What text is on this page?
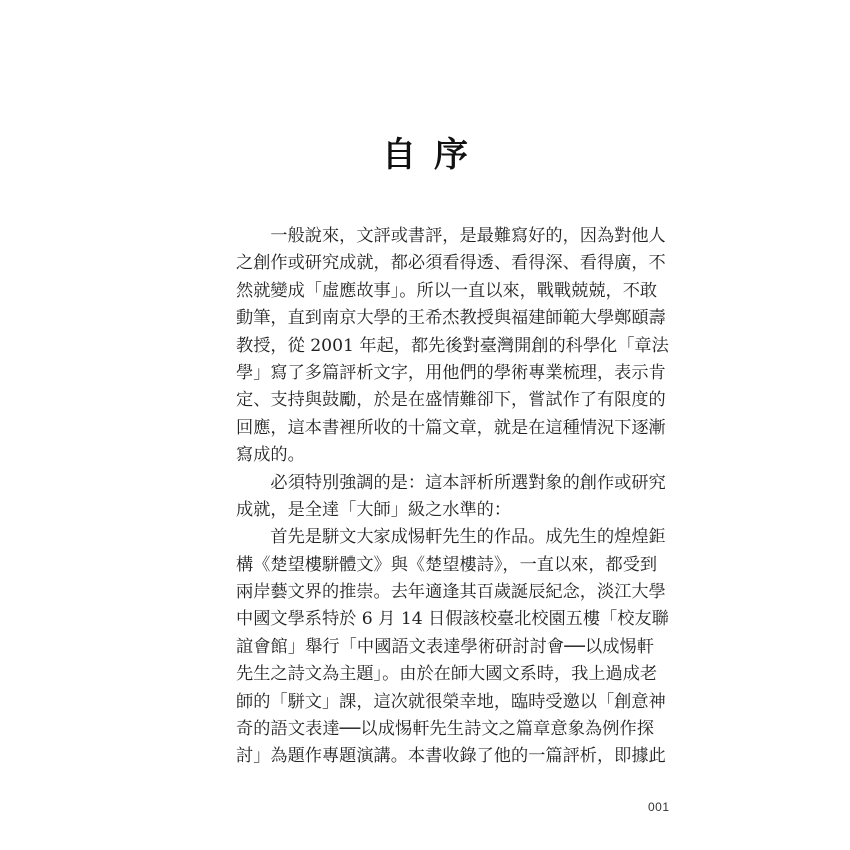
自序
一般說來，文評或書評，是最難寫好的，因為對他人
之創作或研究成就，都必須看得透、看得深、看得廣，不
然就變成「虛應故事」。所以一直以來，戰戰兢兢，不敢
動筆，直到南京大學的王希杰教授與福建師範大學鄭頤壽
教授，從 2001 年起，都先後對臺灣開創的科學化「章法
學」寫了多篇評析文字，用他們的學術專業梳理，表示肯
定、支持與鼓勵，於是在盛情難卻下，嘗試作了有限度的
回應，這本書裡所收的十篇文章，就是在這種情況下逐漸
寫成的。
必須特別強調的是：這本評析所選對象的創作或研究
成就，是全達「大師」級之水準的：
首先是駢文大家成惕軒先生的作品。成先生的煌煌鉅
構《楚望樓駢體文》與《楚望樓詩》，一直以來，都受到
兩岸藝文界的推崇。去年適逢其百歲誕辰紀念，淡江大學
中國文學系特於 6 月 14 日假該校臺北校園五樓「校友聯
誼會館」舉行「中國語文表達學術研討討會──以成惕軒
先生之詩文為主題」。由於在師大國文系時，我上過成老
師的「駢文」課，這次就很榮幸地，臨時受邀以「創意神
奇的語文表達──以成惕軒先生詩文之篇章意象為例作探
討」為題作專題演講。本書收錄了他的一篇評析，即據此
001
